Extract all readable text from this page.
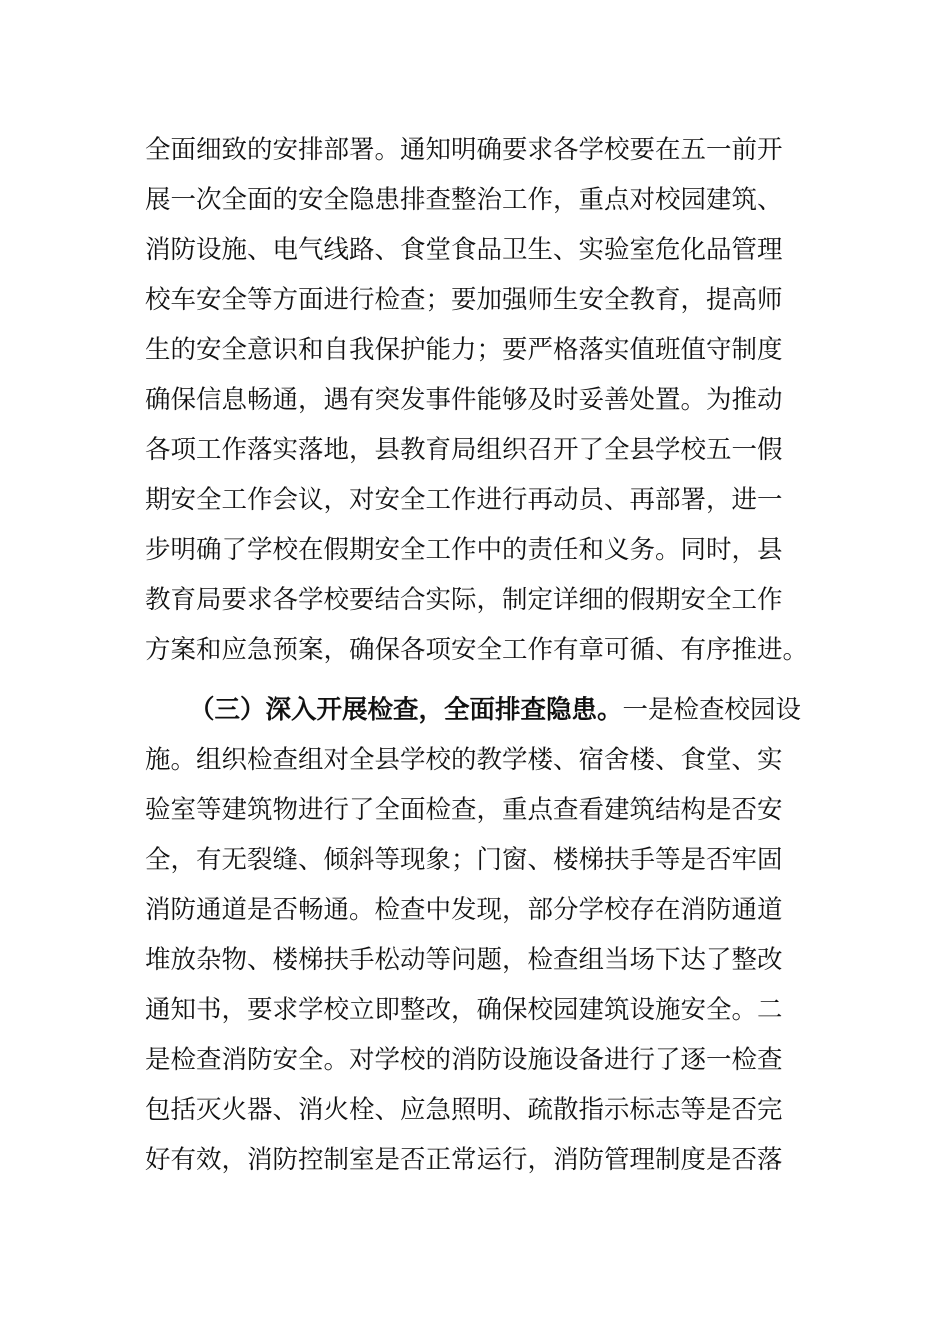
全面细致的安排部署。通知明确要求各学校要在五一前开
展一次全面的安全隐患排查整治工作，重点对校园建筑、
消防设施、电气线路、食堂食品卫生、实验室危化品管理
校车安全等方面进行检查；要加强师生安全教育，提高师
生的安全意识和自我保护能力；要严格落实值班值守制度
确保信息畅通，遇有突发事件能够及时妥善处置。为推动
各项工作落实落地，县教育局组织召开了全县学校五一假
期安全工作会议，对安全工作进行再动员、再部署，进一
步明确了学校在假期安全工作中的责任和义务。同时，县
教育局要求各学校要结合实际，制定详细的假期安全工作
方案和应急预案，确保各项安全工作有章可循、有序推进。
（三）深入开展检查，全面排查隐患。一是检查校园设
施。组织检查组对全县学校的教学楼、宿舍楼、食堂、实
验室等建筑物进行了全面检查，重点查看建筑结构是否安
全，有无裂缝、倾斜等现象；门窗、楼梯扶手等是否牢固
消防通道是否畅通。检查中发现，部分学校存在消防通道
堆放杂物、楼梯扶手松动等问题，检查组当场下达了整改
通知书，要求学校立即整改，确保校园建筑设施安全。二
是检查消防安全。对学校的消防设施设备进行了逐一检查
包括灭火器、消火栓、应急照明、疏散指示标志等是否完
好有效，消防控制室是否正常运行，消防管理制度是否落
